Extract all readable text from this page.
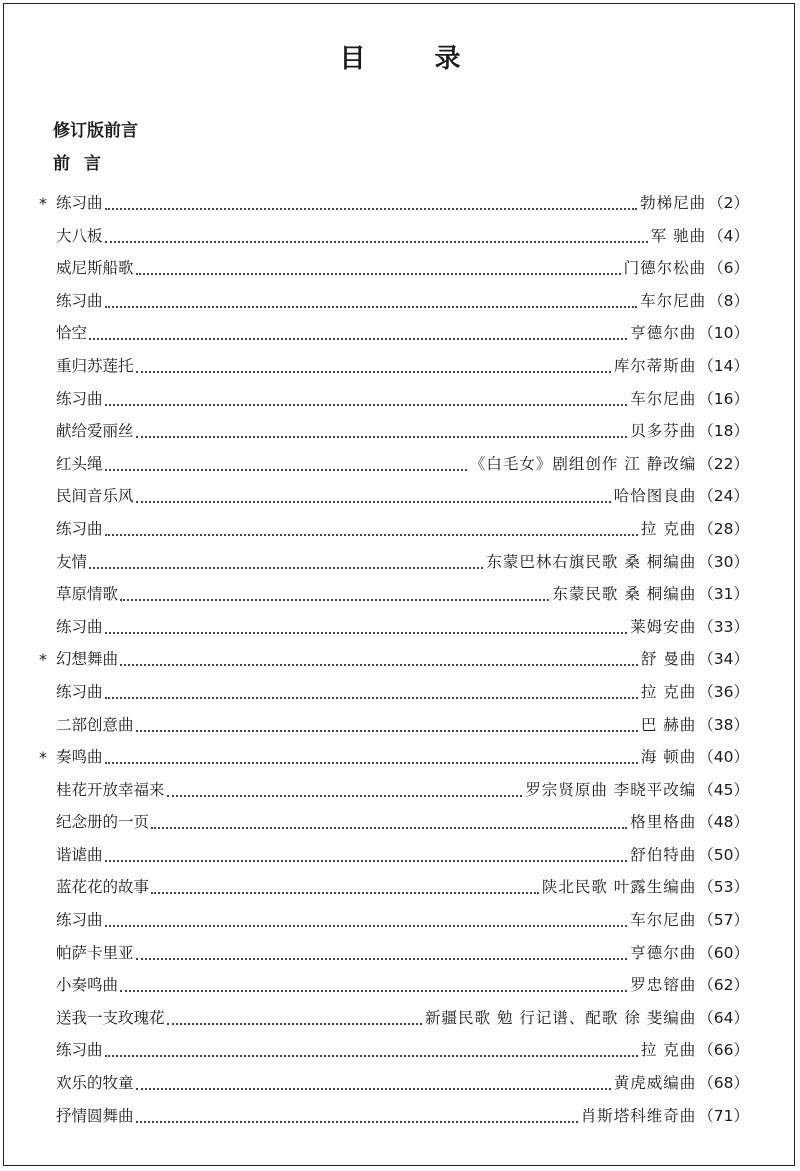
目 录
修订版前言
前言
* 练习曲	勃梯尼曲 （2）
大八板	军 驰曲 （4）
威尼斯船歌	门德尔松曲 （6）
练习曲	车尔尼曲 （8）
恰空	亨德尔曲 （10）
重归苏莲托	库尔蒂斯曲 （14）
练习曲	车尔尼曲 （16）
献给爱丽丝	贝多芬曲 （18）
红头绳	《白毛女》剧组创作 江 静改编 （22）
民间音乐风	哈恰图良曲 （24）
练习曲	拉 克曲 （28）
友情	东蒙巴林右旗民歌 桑 桐编曲 （30）
草原情歌	东蒙民歌 桑 桐编曲 （31）
练习曲	莱姆安曲 （33）
* 幻想舞曲	舒 曼曲 （34）
练习曲	拉 克曲 （36）
二部创意曲	巴 赫曲 （38）
* 奏鸣曲	海 顿曲 （40）
桂花开放幸福来	罗宗贤原曲 李晓平改编 （45）
纪念册的一页	格里格曲 （48）
谐谑曲	舒伯特曲 （50）
蓝花花的故事	陕北民歌 叶露生编曲 （53）
练习曲	车尔尼曲 （57）
帕萨卡里亚	亨德尔曲 （60）
小奏鸣曲	罗忠镕曲 （62）
送我一支玫瑰花	新疆民歌 勉 行记谱、配歌 徐 斐编曲 （64）
练习曲	拉 克曲 （66）
欢乐的牧童	黄虎威编曲 （68）
抒情圆舞曲	肖斯塔科维奇曲 （71）
